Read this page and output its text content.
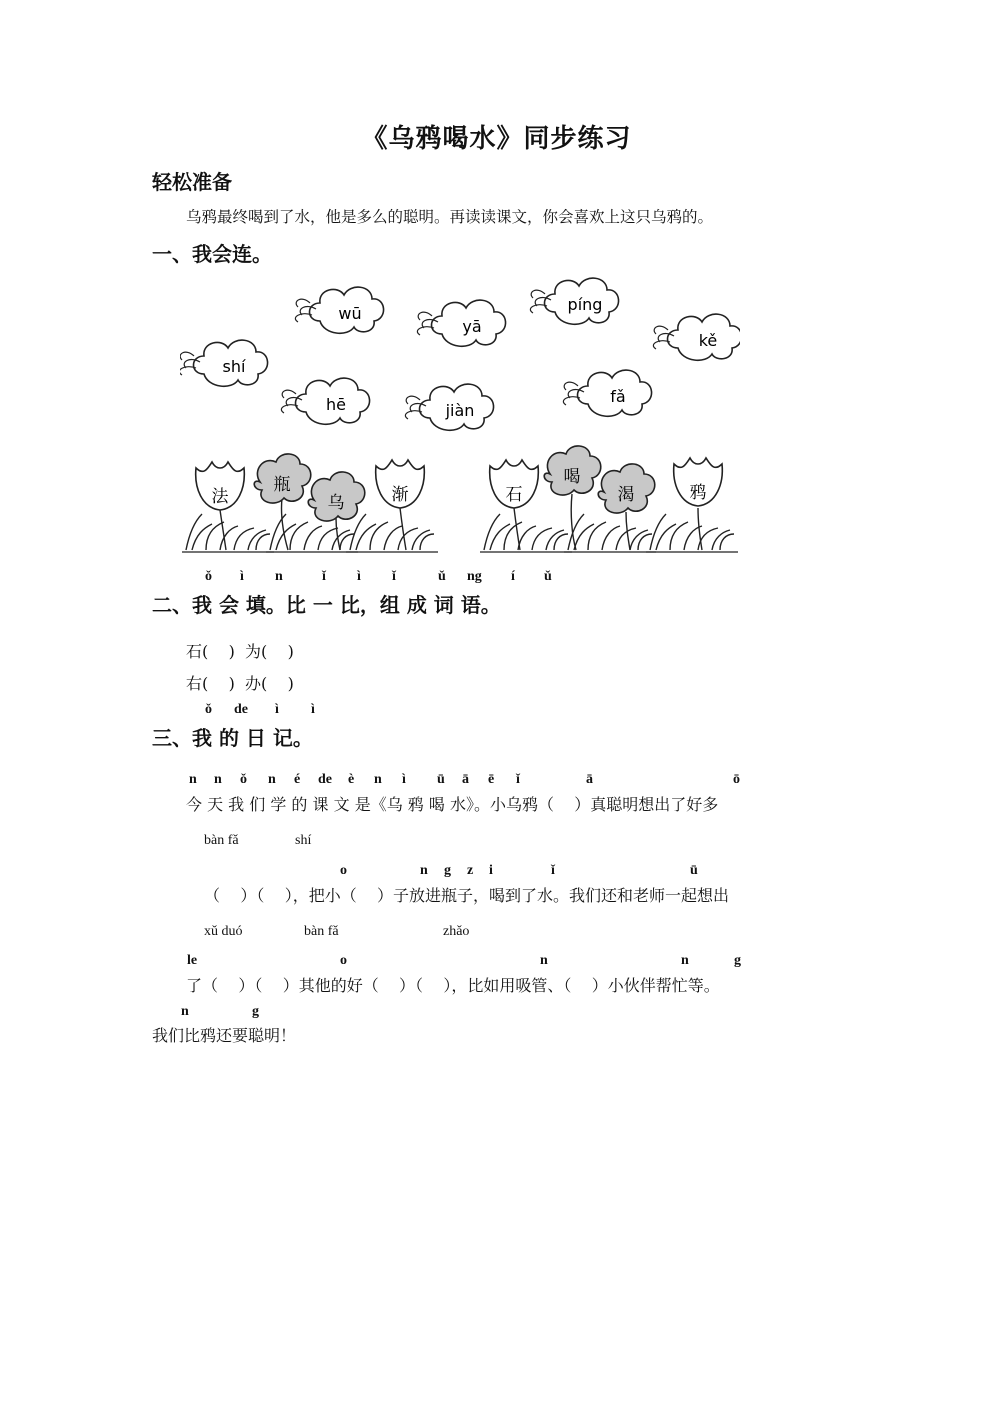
《乌鸦喝水》同步练习
轻松准备
乌鸦最终喝到了水，他是多么的聪明。再读读课文，你会喜欢上这只乌鸦的。
一、我会连。
wū
yā
píng
kě
shí
hē	jiàn
fǎ
法
瓶
乌	渐	石
喝
渴	鸦
ǒ ì n	ǐ ì ǐ	ǔ ng í ǔ
二、我 会 填。比 一 比，组 成 词 语。
石(    )  为(    )
右(    )  办(    )
ǒ de ì ì
三、我 的 日 记。
n n ǒ n é de è n ì ū ā ē ǐ	ā	ō
今 天 我 们 学 的 课 文 是《乌 鸦 喝 水》。小乌鸦（    ）真聪明想出了好多
bàn fǎ	shí
o	n g z i	ǐ	ū
（    ）（    ），把小（    ）子放进瓶子，喝到了水。我们还和老师一起想出
xǔ duó	bàn fǎ	zhǎo
le	o	n	n	g
了（    ）（    ）其他的好（    ）（    ），比如用吸管、（    ）小伙伴帮忙等。
n	g
我们比鸦还要聪明！
